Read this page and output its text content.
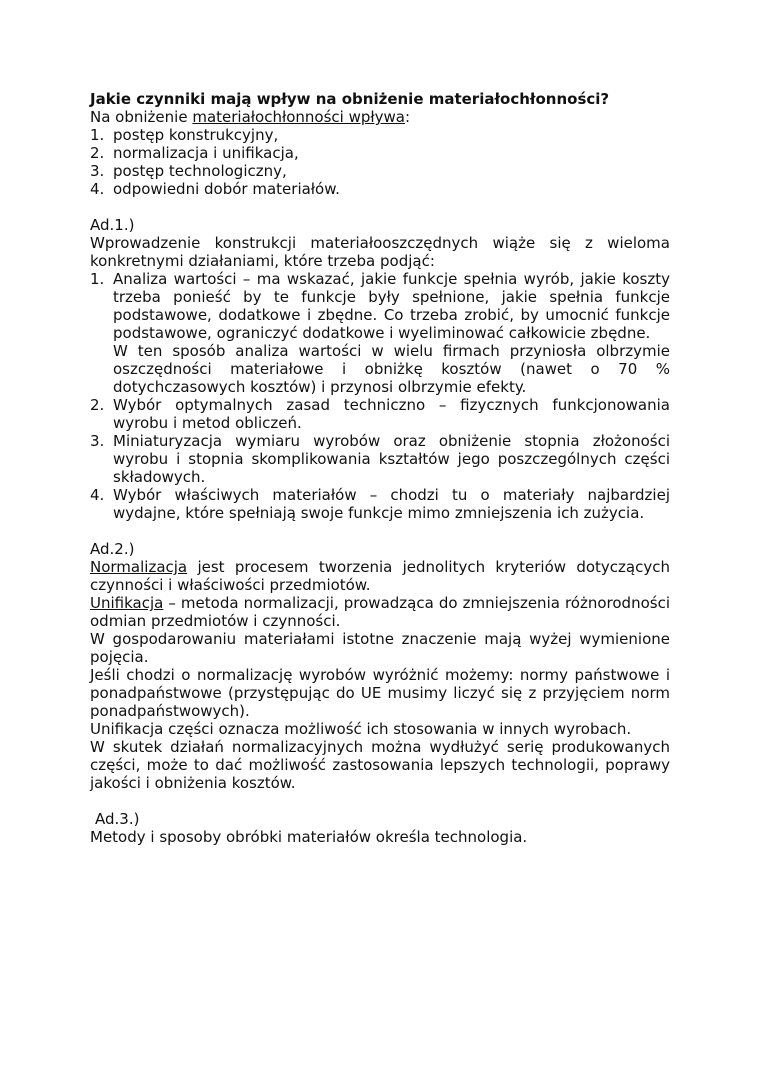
Jakie czynniki mają wpływ na obniżenie materiałochłonności?

Na obniżenie materiałochłonności wpływa:

1. postęp konstrukcyjny,
2. normalizacja i unifikacja,
3. postęp technologiczny,
4. odpowiedni dobór materiałów.

Ad.1.)

Wprowadzenie konstrukcji materiałooszczędnych wiąże się z wieloma konkretnymi działaniami, które trzeba podjąć:

1. Analiza wartości – ma wskazać, jakie funkcje spełnia wyrób, jakie koszty trzeba ponieść by te funkcje były spełnione, jakie spełnia funkcje podstawowe, dodatkowe i zbędne. Co trzeba zrobić, by umocnić funkcje podstawowe, ograniczyć dodatkowe i wyeliminować całkowicie zbędne.
W ten sposób analiza wartości w wielu firmach przyniosła olbrzymie oszczędności materiałowe i obniżkę kosztów (nawet o 70 % dotychczasowych kosztów) i przynosi olbrzymie efekty.
2. Wybór optymalnych zasad techniczno – fizycznych funkcjonowania wyrobu i metod obliczeń.
3. Miniaturyzacja wymiaru wyrobów oraz obniżenie stopnia złożoności wyrobu i stopnia skomplikowania kształtów jego poszczególnych części składowych.
4. Wybór właściwych materiałów – chodzi tu o materiały najbardziej wydajne, które spełniają swoje funkcje mimo zmniejszenia ich zużycia.

Ad.2.)

Normalizacja jest procesem tworzenia jednolitych kryteriów dotyczących czynności i właściwości przedmiotów.

Unifikacja – metoda normalizacji, prowadząca do zmniejszenia różnorodności odmian przedmiotów i czynności.

W gospodarowaniu materiałami istotne znaczenie mają wyżej wymienione pojęcia.

Jeśli chodzi o normalizację wyrobów wyróżnić możemy: normy państwowe i ponadpaństwowe (przystępując do UE musimy liczyć się z przyjęciem norm ponadpaństwowych).

Unifikacja części oznacza możliwość ich stosowania w innych wyrobach.

W skutek działań normalizacyjnych można wydłużyć serię produkowanych części, może to dać możliwość zastosowania lepszych technologii, poprawy jakości i obniżenia kosztów.

Ad.3.)

Metody i sposoby obróbki materiałów określa technologia.
